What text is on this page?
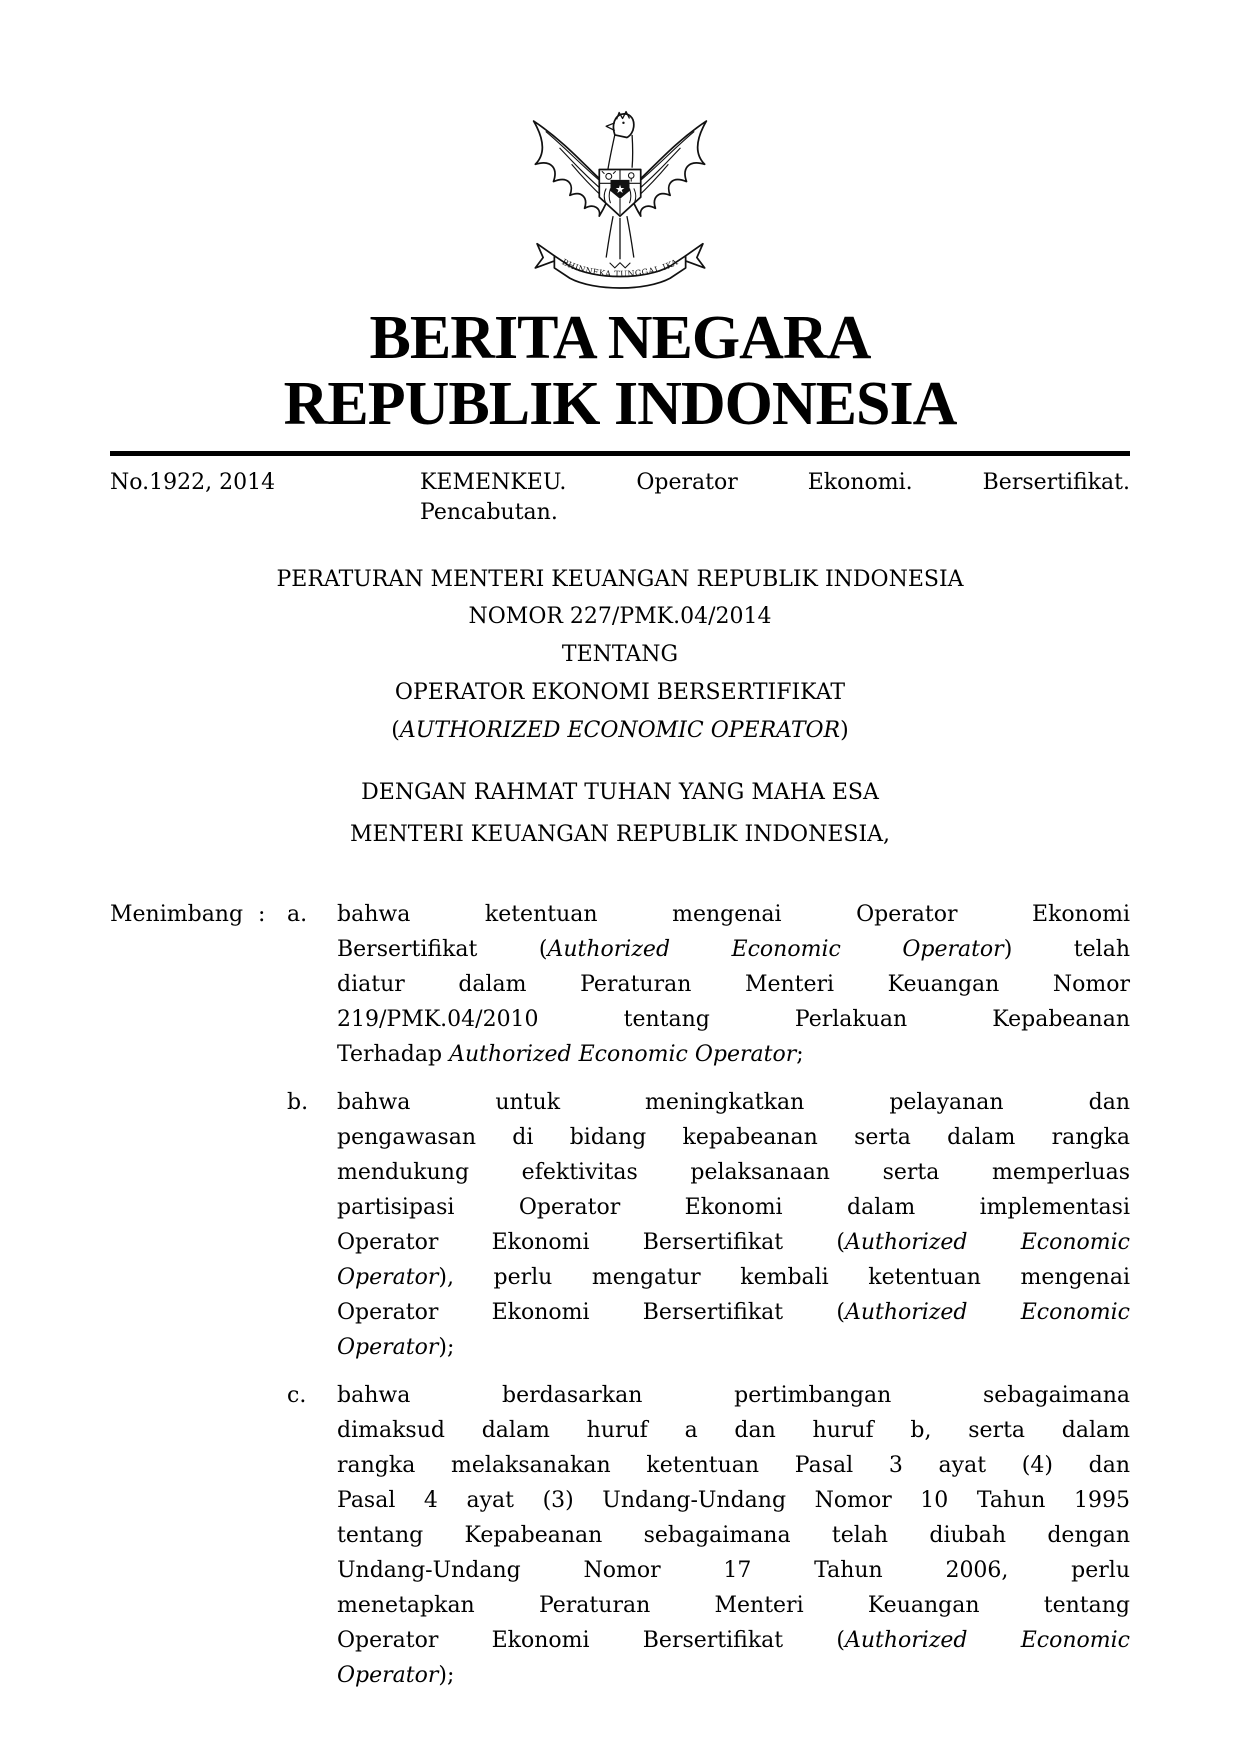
★
BHINNEKA TUNGGAL IKA
BERITA NEGARA
REPUBLIK INDONESIA
No.1922, 2014	KEMENKEU. Operator Ekonomi. Bersertifikat.
Pencabutan.
PERATURAN MENTERI KEUANGAN REPUBLIK INDONESIA
NOMOR 227/PMK.04/2014
TENTANG
OPERATOR EKONOMI BERSERTIFIKAT
(AUTHORIZED ECONOMIC OPERATOR)
DENGAN RAHMAT TUHAN YANG MAHA ESA
MENTERI KEUANGAN REPUBLIK INDONESIA,
Menimbang : a.	bahwa ketentuan mengenai Operator Ekonomi
Bersertifikat (Authorized Economic Operator) telah
diatur dalam Peraturan Menteri Keuangan Nomor
219/PMK.04/2010 tentang Perlakuan Kepabeanan
Terhadap Authorized Economic Operator;
b.	bahwa untuk meningkatkan pelayanan dan
pengawasan di bidang kepabeanan serta dalam rangka
mendukung efektivitas pelaksanaan serta memperluas
partisipasi Operator Ekonomi dalam implementasi
Operator Ekonomi Bersertifikat (Authorized Economic
Operator), perlu mengatur kembali ketentuan mengenai
Operator Ekonomi Bersertifikat (Authorized Economic
Operator);
c.	bahwa berdasarkan pertimbangan sebagaimana
dimaksud dalam huruf a dan huruf b, serta dalam
rangka melaksanakan ketentuan Pasal 3 ayat (4) dan
Pasal 4 ayat (3) Undang-Undang Nomor 10 Tahun 1995
tentang Kepabeanan sebagaimana telah diubah dengan
Undang-Undang Nomor 17 Tahun 2006, perlu
menetapkan Peraturan Menteri Keuangan tentang
Operator Ekonomi Bersertifikat (Authorized Economic
Operator);
